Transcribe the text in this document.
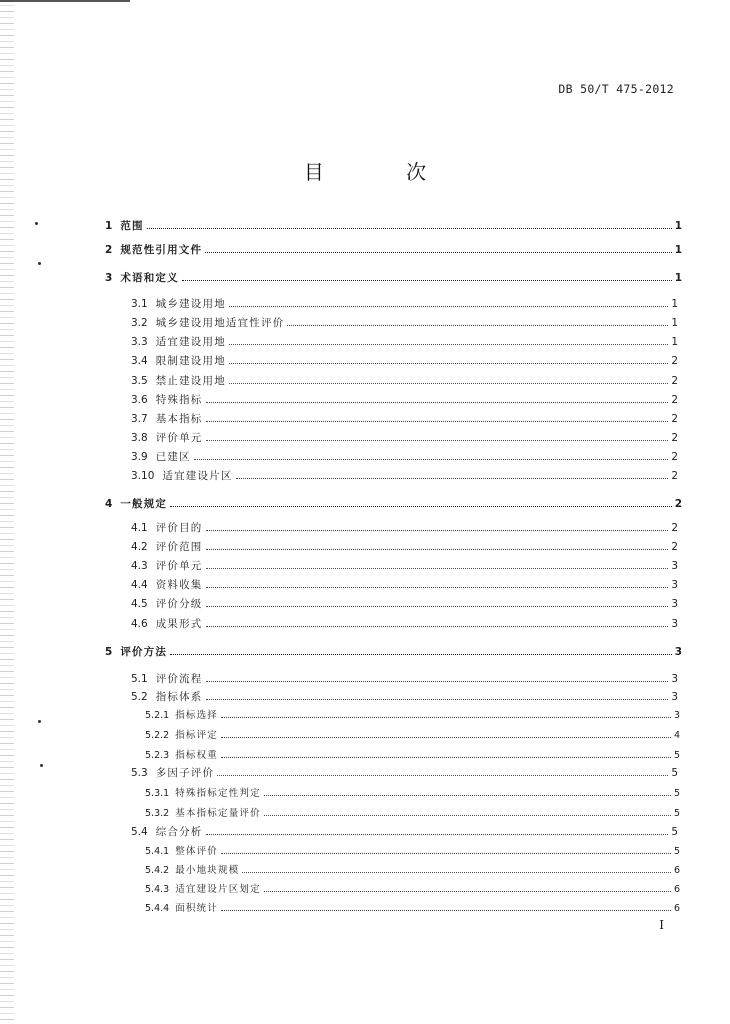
DB 50/T 475-2012
目 次
1 范围	1
2 规范性引用文件	1
3 术语和定义	1
3.1 城乡建设用地	1
3.2 城乡建设用地适宜性评价	1
3.3 适宜建设用地	1
3.4 限制建设用地	2
3.5 禁止建设用地	2
3.6 特殊指标	2
3.7 基本指标	2
3.8 评价单元	2
3.9 已建区	2
3.10 适宜建设片区	2
4 一般规定	2
4.1 评价目的	2
4.2 评价范围	2
4.3 评价单元	3
4.4 资料收集	3
4.5 评价分级	3
4.6 成果形式	3
5 评价方法	3
5.1 评价流程	3
5.2 指标体系	3
5.2.1 指标选择	3
5.2.2 指标评定	4
5.2.3 指标权重	5
5.3 多因子评价	5
5.3.1 特殊指标定性判定	5
5.3.2 基本指标定量评价	5
5.4 综合分析	5
5.4.1 整体评价	5
5.4.2 最小地块规模	6
5.4.3 适宜建设片区划定	6
5.4.4 面积统计	6
I
